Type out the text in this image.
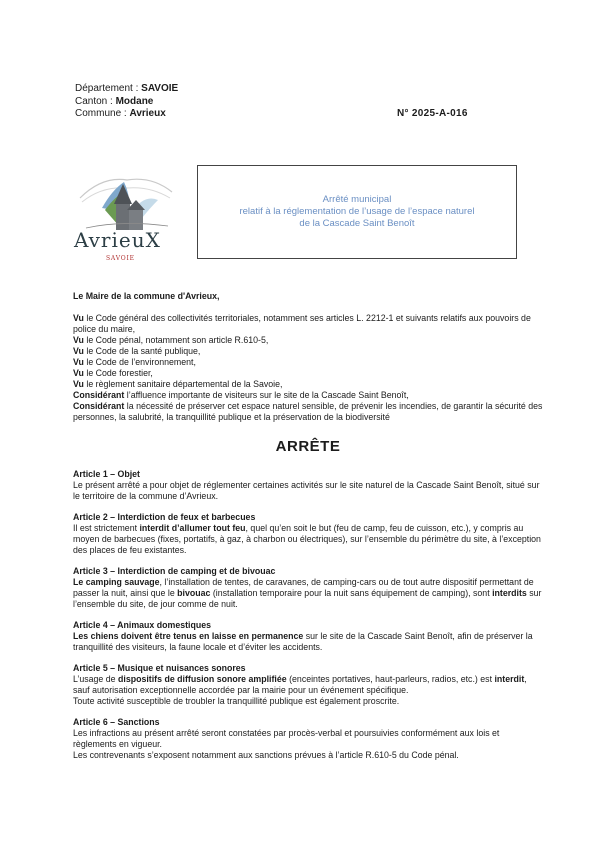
Département : SAVOIE
Canton : Modane
Commune : Avrieux	N° 2025-A-016
AvrieuX
SAVOIE
Arrêté municipal
relatif à la réglementation de l’usage de l’espace naturel
de la Cascade Saint Benoît

Le Maire de la commune d'Avrieux,

Vu le Code général des collectivités territoriales, notamment ses articles L. 2212-1 et suivants relatifs aux pouvoirs de police du maire,

Vu le Code pénal, notamment son article R.610-5,

Vu le Code de la santé publique,

Vu le Code de l’environnement,

Vu le Code forestier,

Vu le règlement sanitaire départemental de la Savoie,

Considérant l’affluence importante de visiteurs sur le site de la Cascade Saint Benoît,

Considérant la nécessité de préserver cet espace naturel sensible, de prévenir les incendies, de garantir la sécurité des personnes, la salubrité, la tranquillité publique et la préservation de la biodiversité

ARRÊTE

Article 1 – Objet

Le présent arrêté a pour objet de réglementer certaines activités sur le site naturel de la Cascade Saint Benoît, situé sur le territoire de la commune d’Avrieux.

Article 2 – Interdiction de feux et barbecues

Il est strictement interdit d’allumer tout feu, quel qu’en soit le but (feu de camp, feu de cuisson, etc.), y compris au moyen de barbecues (fixes, portatifs, à gaz, à charbon ou électriques), sur l’ensemble du périmètre du site, à l’exception des places de feu existantes.

Article 3 – Interdiction de camping et de bivouac

Le camping sauvage, l’installation de tentes, de caravanes, de camping-cars ou de tout autre dispositif permettant de passer la nuit, ainsi que le bivouac (installation temporaire pour la nuit sans équipement de camping), sont interdits sur l’ensemble du site, de jour comme de nuit.

Article 4 – Animaux domestiques

Les chiens doivent être tenus en laisse en permanence sur le site de la Cascade Saint Benoît, afin de préserver la tranquillité des visiteurs, la faune locale et d’éviter les accidents.

Article 5 – Musique et nuisances sonores

L’usage de dispositifs de diffusion sonore amplifiée (enceintes portatives, haut-parleurs, radios, etc.) est interdit, sauf autorisation exceptionnelle accordée par la mairie pour un événement spécifique.

Toute activité susceptible de troubler la tranquillité publique est également proscrite.

Article 6 – Sanctions

Les infractions au présent arrêté seront constatées par procès-verbal et poursuivies conformément aux lois et règlements en vigueur.

Les contrevenants s’exposent notamment aux sanctions prévues à l’article R.610-5 du Code pénal.
